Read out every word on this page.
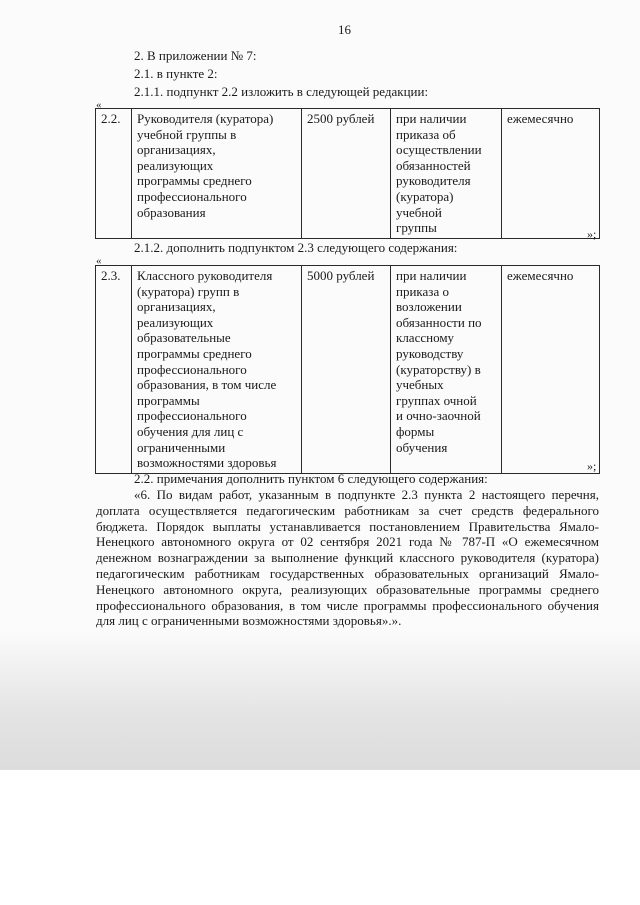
16
2. В приложении № 7:
2.1. в пункте 2:
2.1.1. подпункт 2.2 изложить в следующей редакции:
«
2.2.	Руководителя (куратора)
учебной группы в
организациях,
реализующих
программы среднего
профессионального
образования	2500 рублей	при наличии
приказа об
осуществлении
обязанностей
руководителя
(куратора)
учебной
группы	ежемесячно
»;
2.1.2. дополнить подпунктом 2.3 следующего содержания:
«
2.3.	Классного руководителя
(куратора) групп в
организациях,
реализующих
образовательные
программы среднего
профессионального
образования, в том числе
программы
профессионального
обучения для лиц с
ограниченными
возможностями здоровья	5000 рублей	при наличии
приказа о
возложении
обязанности по
классному
руководству
(кураторству) в
учебных
группах очной
и очно-заочной
формы
обучения	ежемесячно
»;
2.2. примечания дополнить пунктом 6 следующего содержания:
«6. По видам работ, указанным в подпункте 2.3 пункта 2 настоящего перечня, доплата осуществляется педагогическим работникам за счет средств федерального бюджета. Порядок выплаты устанавливается постановлением Правительства Ямало-Ненецкого автономного округа от 02 сентября 2021 года № 787-П «О ежемесячном денежном вознаграждении за выполнение функций классного руководителя (куратора) педагогическим работникам государственных образовательных организаций Ямало-Ненецкого автономного округа, реализующих образовательные программы среднего профессионального образования, в том числе программы профессионального обучения для лиц с ограниченными возможностями здоровья».».
